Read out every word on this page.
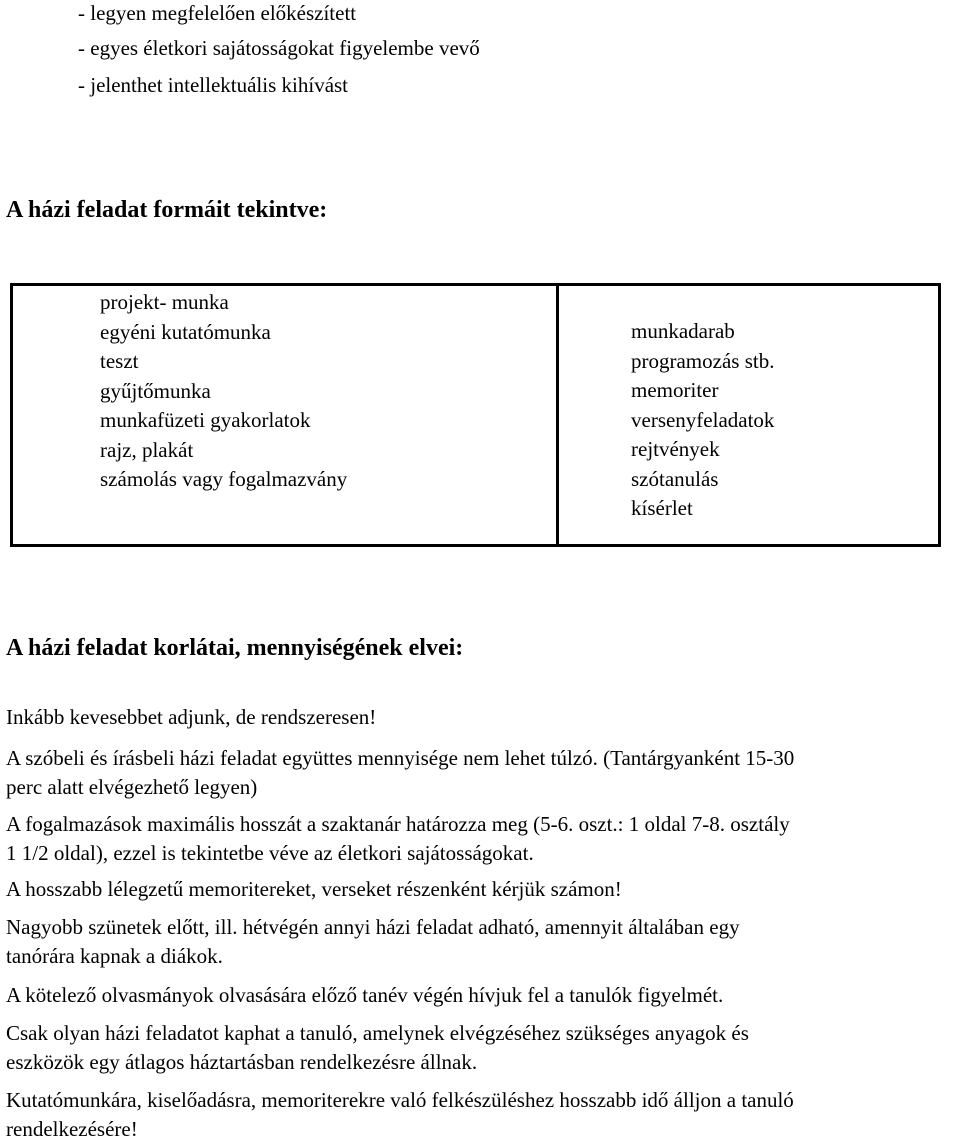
- legyen megfelelően előkészített
- egyes életkori sajátosságokat figyelembe vevő
- jelenthet intellektuális kihívást
A házi feladat formáit tekintve:
projekt- munka
egyéni kutatómunka
teszt
gyűjtőmunka
munkafüzeti gyakorlatok
rajz, plakát
számolás vagy fogalmazvány
munkadarab
programozás stb.
memoriter
versenyfeladatok
rejtvények
szótanulás
kísérlet
A házi feladat korlátai, mennyiségének elvei:
Inkább kevesebbet adjunk, de rendszeresen!
A szóbeli és írásbeli házi feladat együttes mennyisége nem lehet túlzó. (Tantárgyanként 15-30
perc alatt elvégezhető legyen)
A fogalmazások maximális hosszát a szaktanár határozza meg (5-6. oszt.: 1 oldal 7-8. osztály
1 1/2 oldal), ezzel is tekintetbe véve az életkori sajátosságokat.
A hosszabb lélegzetű memoritereket, verseket részenként kérjük számon!
Nagyobb szünetek előtt, ill. hétvégén annyi házi feladat adható, amennyit általában egy
tanórára kapnak a diákok.
A kötelező olvasmányok olvasására előző tanév végén hívjuk fel a tanulók figyelmét.
Csak olyan házi feladatot kaphat a tanuló, amelynek elvégzéséhez szükséges anyagok és
eszközök egy átlagos háztartásban rendelkezésre állnak.
Kutatómunkára, kiselőadásra, memoriterekre való felkészüléshez hosszabb idő álljon a tanuló
rendelkezésére!
